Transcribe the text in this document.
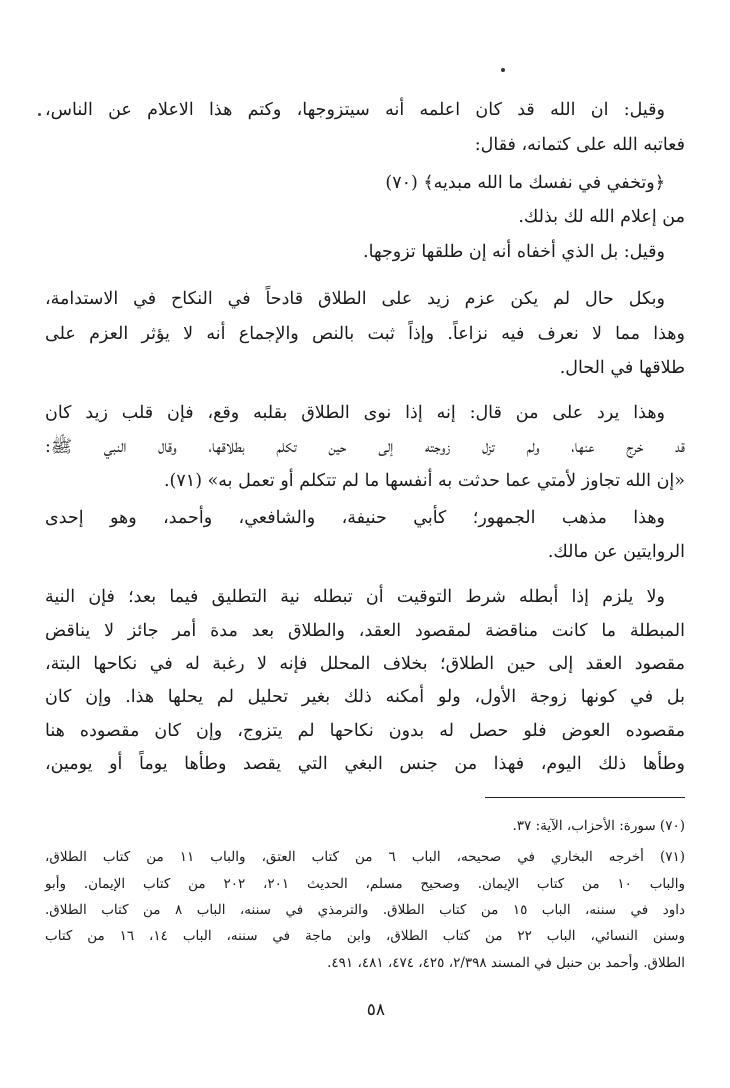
وقيل: ان الله قد كان اعلمه أنه سيتزوجها، وكتم هذا الاعلام عن الناس،
فعاتبه الله على كتمانه، فقال:
﴿وتخفي في نفسك ما الله مبديه﴾ (٧٠)
من إعلام الله لك بذلك.
وقيل: بل الذي أخفاه أنه إن طلقها تزوجها.
وبكل حال لم يكن عزم زيد على الطلاق قادحاً في النكاح في الاستدامة،
وهذا مما لا نعرف فيه نزاعاً. وإذاً ثبت بالنص والإجماع أنه لا يؤثر العزم على
طلاقها في الحال.
وهذا يرد على من قال: إنه إذا نوى الطلاق بقلبه وقع، فإن قلب زيد كان
قد خرج عنها، ولم تزل زوجته إلى حين تكلم بطلاقها، وقال النبي ﷺ:
«إن الله تجاوز لأمتي عما حدثت به أنفسها ما لم تتكلم أو تعمل به» (٧١).
وهذا مذهب الجمهور؛ كأبي حنيفة، والشافعي، وأحمد، وهو إحدى
الروايتين عن مالك.
ولا يلزم إذا أبطله شرط التوقيت أن تبطله نية التطليق فيما بعد؛ فإن النية
المبطلة ما كانت مناقضة لمقصود العقد، والطلاق بعد مدة أمر جائز لا يناقض
مقصود العقد إلى حين الطلاق؛ بخلاف المحلل فإنه لا رغبة له في نكاحها البتة،
بل في كونها زوجة الأول، ولو أمكنه ذلك بغير تحليل لم يحلها هذا. وإن كان
مقصوده العوض فلو حصل له بدون نكاحها لم يتزوج، وإن كان مقصوده هنا
وطأها ذلك اليوم، فهذا من جنس البغي التي يقصد وطأها يوماً أو يومين،
(٧٠) سورة: الأحزاب، الآية: ٣٧.
(٧١) أخرجه البخاري في صحيحه، الباب ٦ من كتاب العتق، والباب ١١ من كتاب الطلاق،
والباب ١٠ من كتاب الإيمان. وصحيح مسلم، الحديث ٢٠١، ٢٠٢ من كتاب الإيمان. وأبو
داود في سننه، الباب ١٥ من كتاب الطلاق. والترمذي في سننه، الباب ٨ من كتاب الطلاق.
وسنن النسائي، الباب ٢٢ من كتاب الطلاق، وابن ماجة في سننه، الباب ١٤، ١٦ من كتاب
الطلاق. وأحمد بن حنبل في المسند ٢/٣٩٨، ٤٢٥، ٤٧٤، ٤٨١، ٤٩١.
٥٨
